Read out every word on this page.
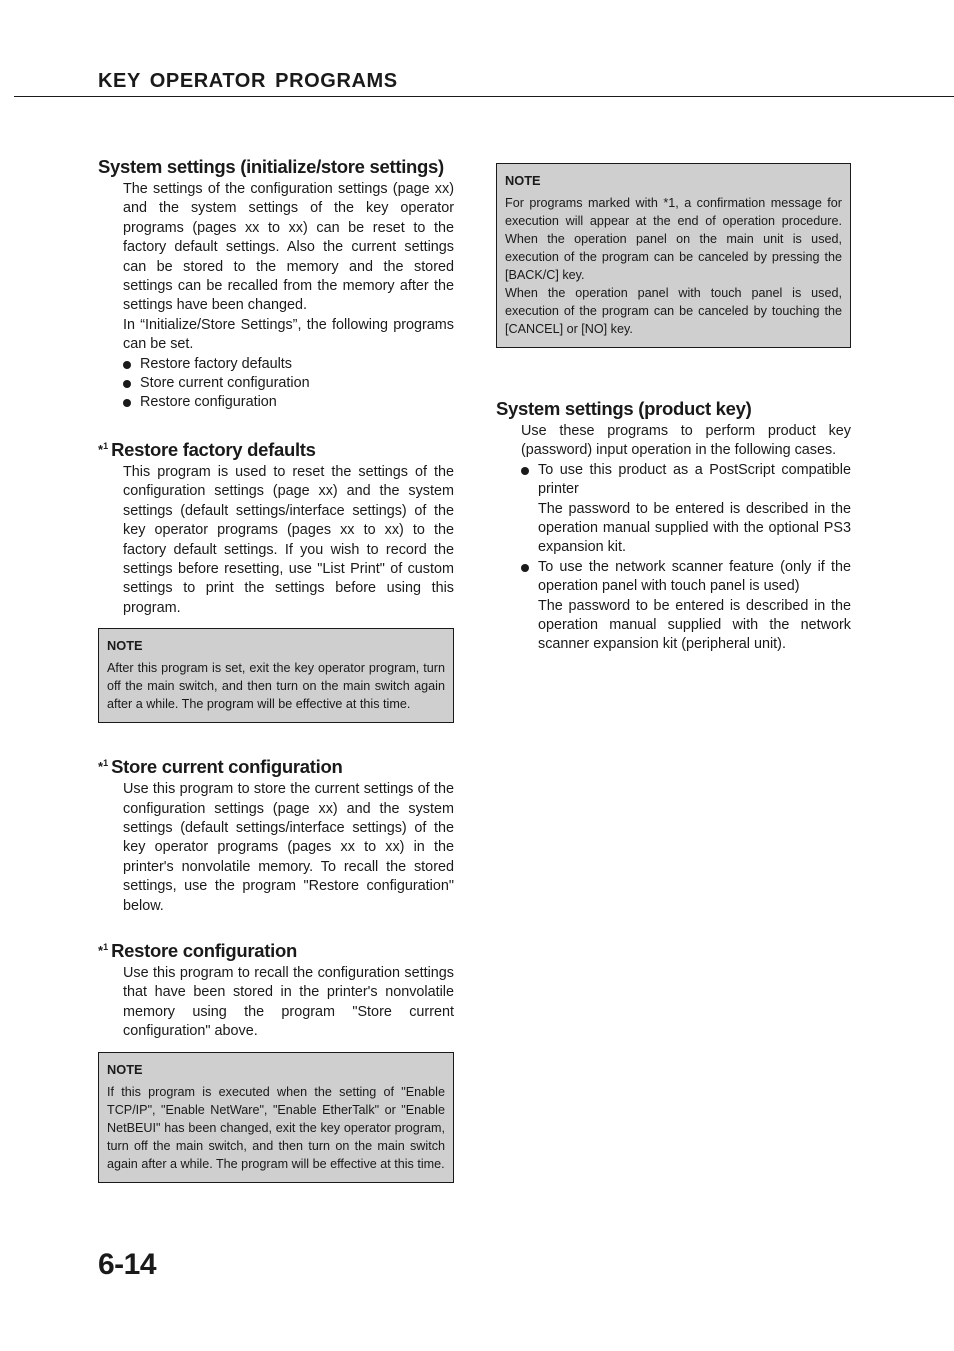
KEY OPERATOR PROGRAMS
System settings (initialize/store settings)

The settings of the configuration settings (page xx) and the system settings of the key operator programs (pages xx to xx) can be reset to the factory default settings. Also the current settings can be stored to the memory and the stored settings can be recalled from the memory after the settings have been changed.

In “Initialize/Store Settings”, the following programs can be set.

Restore factory defaults
Store current configuration
Restore configuration
*$^1$ Restore factory defaults
This program is used to reset the settings of the configuration settings (page xx) and the system settings (default settings/interface settings) of the key operator programs (pages xx to xx) to the factory default settings. If you wish to record the settings before resetting, use "List Print" of custom settings to print the settings before using this program.

NOTE

After this program is set, exit the key operator program, turn off the main switch, and then turn on the main switch again after a while. The program will be effective at this time.

*$^1$ Store current configuration
Use this program to store the current settings of the configuration settings (page xx) and the system settings (default settings/interface settings) of the key operator programs (pages xx to xx) in the printer's nonvolatile memory. To recall the stored settings, use the program "Restore configuration" below.
*$^1$ Restore configuration
Use this program to recall the configuration settings that have been stored in the printer's nonvolatile memory using the program "Store current configuration" above.

NOTE

If this program is executed when the setting of "Enable TCP/IP", "Enable NetWare", "Enable EtherTalk" or "Enable NetBEUI" has been changed, exit the key operator program, turn off the main switch, and then turn on the main switch again after a while. The program will be effective at this time.

NOTE

For programs marked with *1, a confirmation message for execution will appear at the end of operation procedure. When the operation panel on the main unit is used, execution of the program can be canceled by pressing the [BACK/C] key.

When the operation panel with touch panel is used, execution of the program can be canceled by touching the [CANCEL] or [NO] key.

System settings (product key)

Use these programs to perform product key (password) input operation in the following cases.

To use this product as a PostScript compatible printer

The password to be entered is described in the operation manual supplied with the optional PS3 expansion kit.

To use the network scanner feature (only if the operation panel with touch panel is used)

The password to be entered is described in the operation manual supplied with the network scanner expansion kit (peripheral unit).

6-14
